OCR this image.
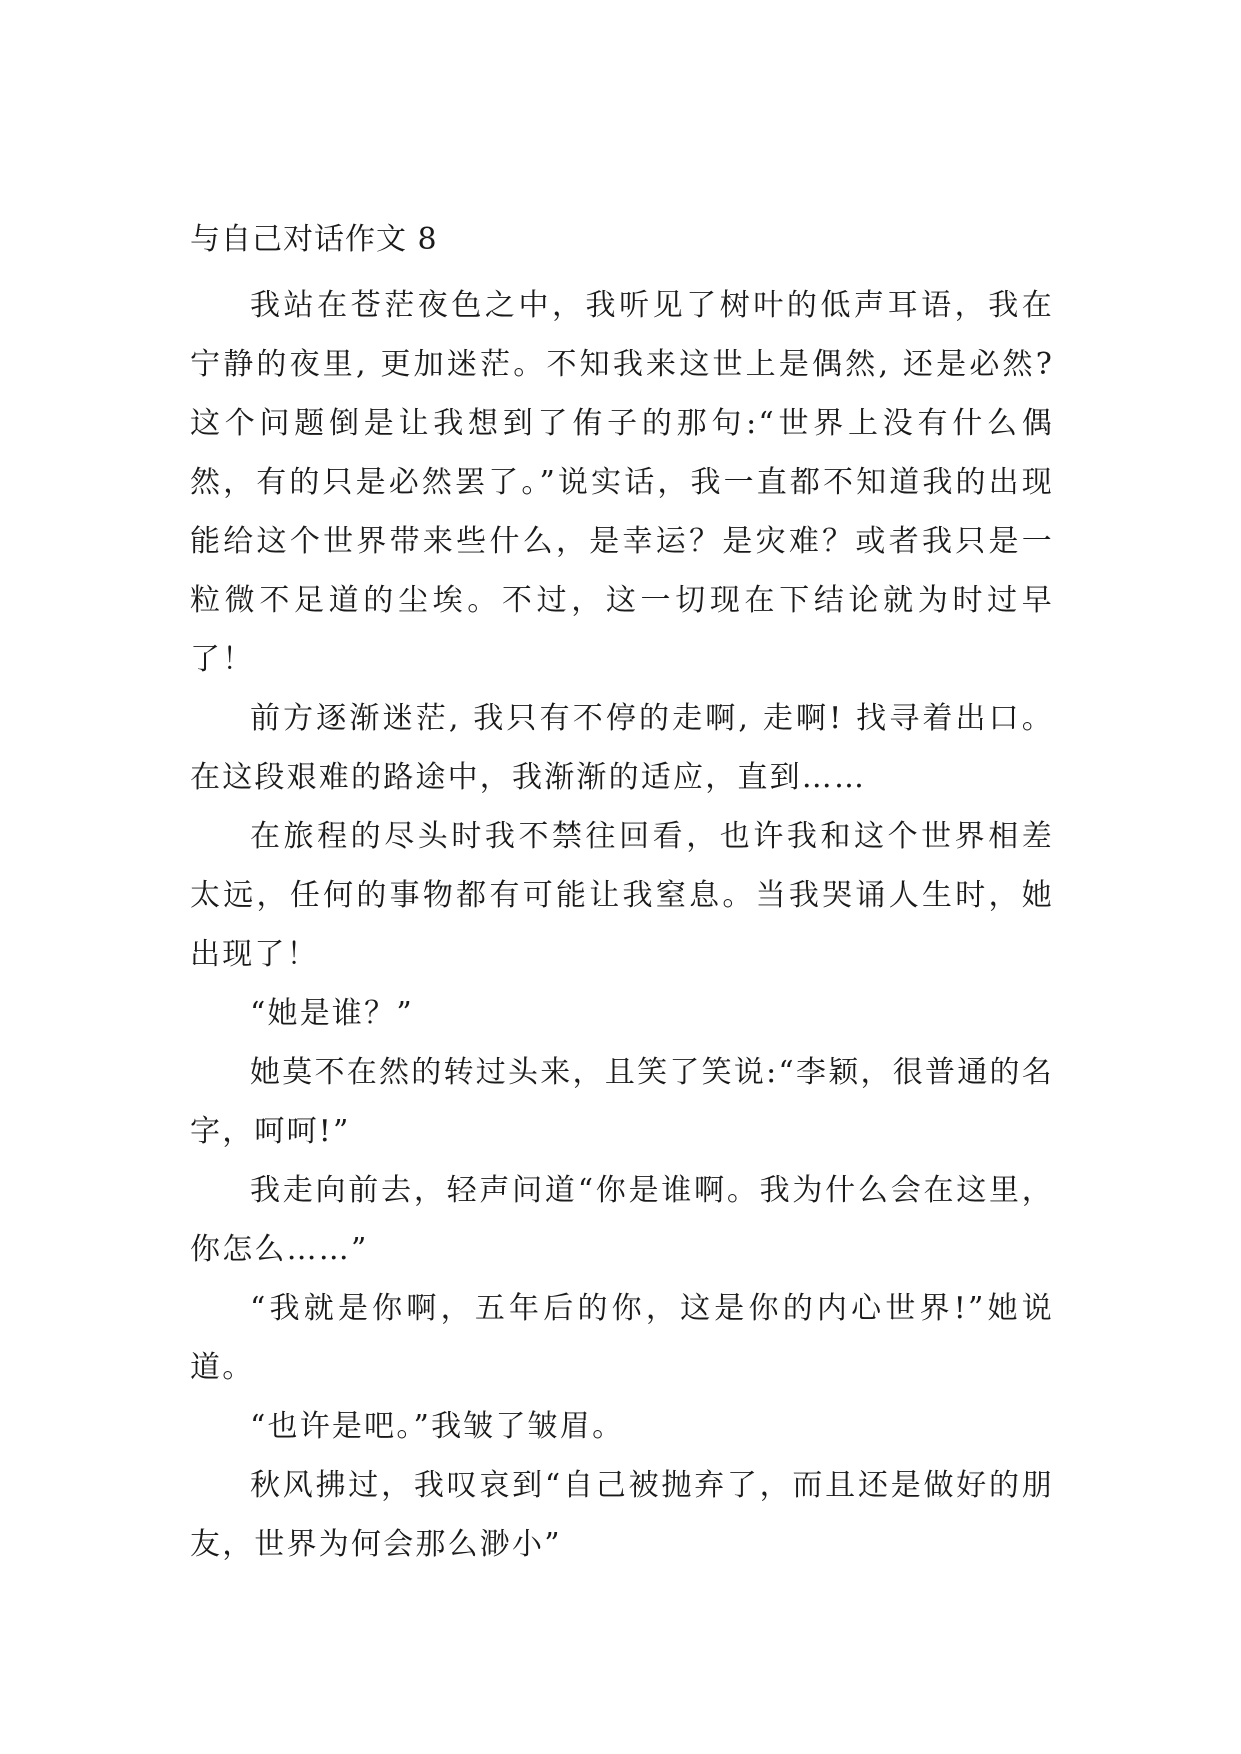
与自己对话作文 8

我站在苍茫夜色之中，我听见了树叶的低声耳语，我在宁静的夜里, 更加迷茫。不知我来这世上是偶然, 还是必然? 这个问题倒是让我想到了侑子的那句:“世界上没有什么偶然，有的只是必然罢了。”说实话，我一直都不知道我的出现能给这个世界带来些什么，是幸运？是灾难？或者我只是一粒微不足道的尘埃。不过，这一切现在下结论就为时过早了！

前方逐渐迷茫, 我只有不停的走啊, 走啊! 找寻着出口。在这段艰难的路途中，我渐渐的适应，直到……

在旅程的尽头时我不禁往回看，也许我和这个世界相差太远，任何的事物都有可能让我窒息。当我哭诵人生时，她出现了！

“她是谁？”

她莫不在然的转过头来，且笑了笑说:“李颖，很普通的名字，呵呵!”

我走向前去，轻声问道“你是谁啊。我为什么会在这里，你怎么……”

“我就是你啊，五年后的你，这是你的内心世界!”她说道。

“也许是吧。”我皱了皱眉。

秋风拂过，我叹哀到“自己被抛弃了，而且还是做好的朋友，世界为何会那么渺小”
